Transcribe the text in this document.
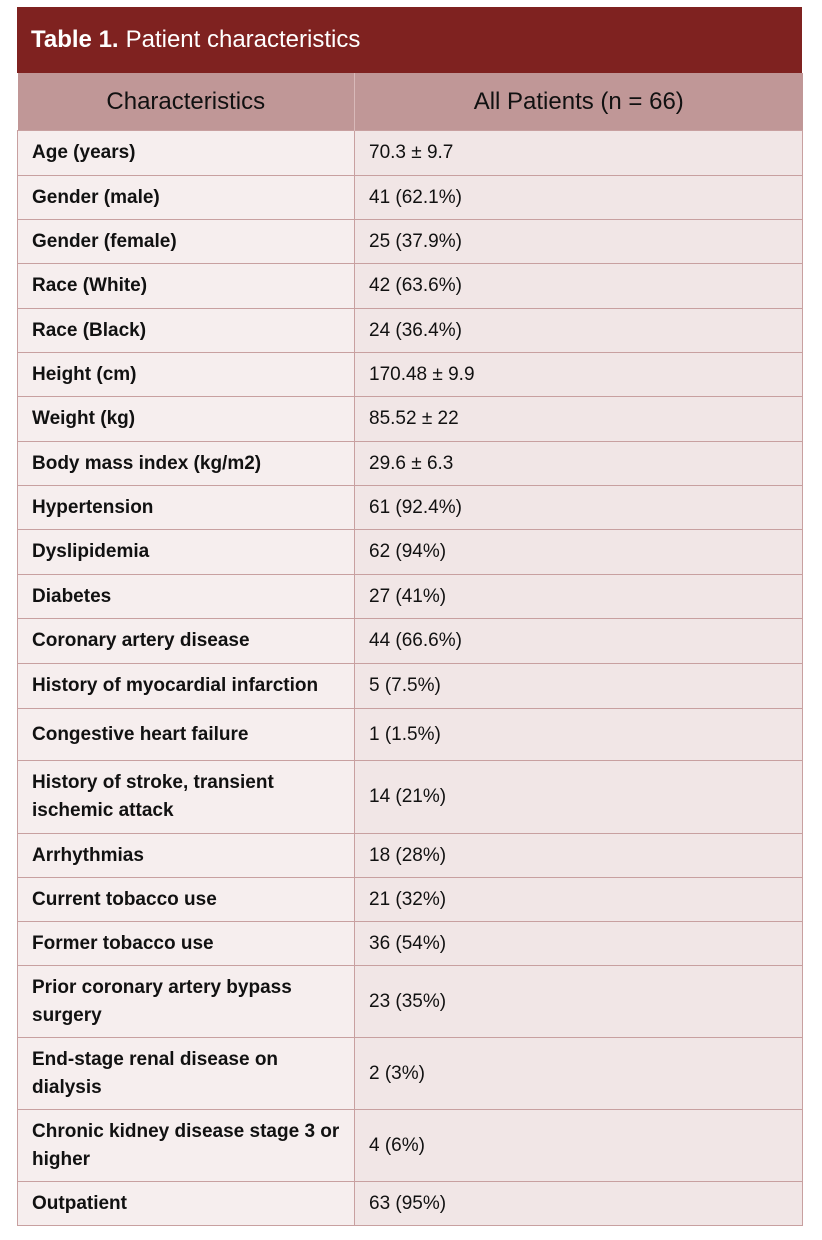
Table 1. Patient characteristics
Characteristics	All Patients (n = 66)
Age (years)	70.3 ± 9.7
Gender (male)	41 (62.1%)
Gender (female)	25 (37.9%)
Race (White)	42 (63.6%)
Race (Black)	24 (36.4%)
Height (cm)	170.48 ± 9.9
Weight (kg)	85.52 ± 22
Body mass index (kg/m2)	29.6 ± 6.3
Hypertension	61 (92.4%)
Dyslipidemia	62 (94%)
Diabetes	27 (41%)
Coronary artery disease	44 (66.6%)
History of myocardial infarction	5 (7.5%)
Congestive heart failure	1 (1.5%)
History of stroke, transient ischemic attack	14 (21%)
Arrhythmias	18 (28%)
Current tobacco use	21 (32%)
Former tobacco use	36 (54%)
Prior coronary artery bypass surgery	23 (35%)
End-stage renal disease on dialysis	2 (3%)
Chronic kidney disease stage 3 or higher	4 (6%)
Outpatient	63 (95%)
